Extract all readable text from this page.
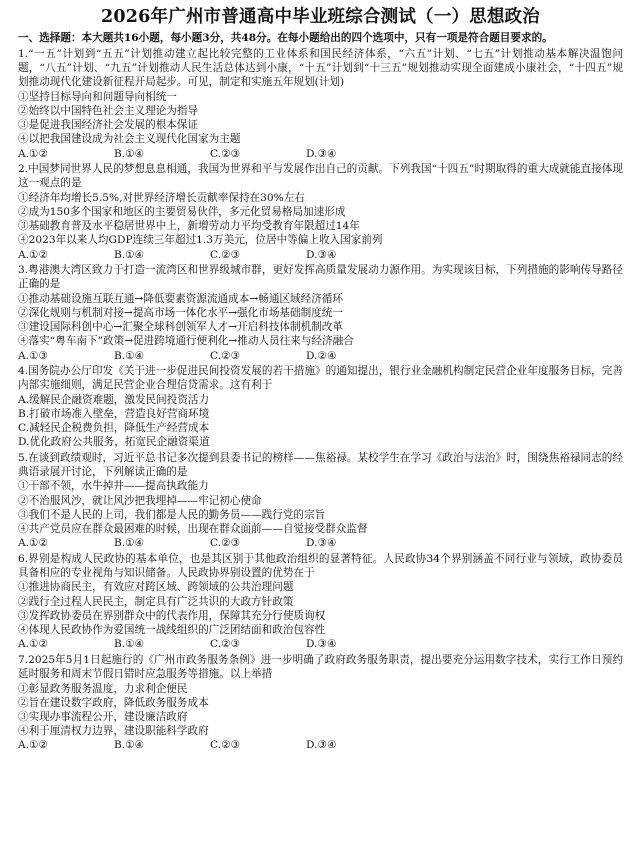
2026年广州市普通高中毕业班综合测试（一）思想政治
一、选择题：本大题共16小题，每小题3分，共48分。在每小题给出的四个选项中，只有一项是符合题目要求的。
1.“一五”计划到“五五”计划推动建立起比较完整的工业体系和国民经济体系，“六五”计划、“七五”计划推动基本解决温饱问题，“八五”计划、“九五”计划推动人民生活总体达到小康，“十五”计划到“十三五”规划推动实现全面建成小康社会，“十四五”规划推动现代化建设新征程开局起步。可见，制定和实施五年规划(计划)
①坚持目标导向和问题导向相统一
②始终以中国特色社会主义理论为指导
③是促进我国经济社会发展的根本保证
④以把我国建设成为社会主义现代化国家为主题
A.①②	B.①④	C.②③	D.③④
2.中国梦同世界人民的梦想息息相通，我国为世界和平与发展作出自己的贡献。下列我国“十四五”时期取得的重大成就能直接体现这一观点的是
①经济年均增长5.5%,对世界经济增长贡献率保持在30%左右
②成为150多个国家和地区的主要贸易伙伴，多元化贸易格局加速形成
③基础教育普及水平稳居世界中上，新增劳动力平均受教育年限超过14年
④2023年以来人均GDP连续三年超过1.3万美元，位居中等偏上收入国家前列
A.①②	B.①④	C.②③	D.③④
3.粤港澳大湾区致力于打造一流湾区和世界级城市群，更好发挥高质量发展动力源作用。为实现该目标，下列措施的影响传导路径正确的是
①推动基础设施互联互通→降低要素资源流通成本→畅通区域经济循环
②深化规则与机制对接→提高市场一体化水平→强化市场基础制度统一
③建设国际科创中心→汇聚全球科创领军人才→开启科技体制机制改革
④落实“粤车南下”政策→促进跨境通行便利化→推动人员往来与经济融合
A.①③	B.①④	C.②③	D.②④
4.国务院办公厅印发《关于进一步促进民间投资发展的若干措施》的通知提出，银行业金融机构制定民营企业年度服务目标，完善内部实施细则，满足民营企业合理信贷需求。这有利于
A.缓解民企融资难题，激发民间投资活力
B.打破市场准入壁垒，营造良好营商环境
C.减轻民企税费负担，降低生产经营成本
D.优化政府公共服务，拓宽民企融资渠道
5.在谈到政绩观时，习近平总书记多次提到县委书记的榜样——焦裕禄。某校学生在学习《政治与法治》时，围绕焦裕禄同志的经典语录展开讨论，下列解读正确的是
①干部不领，水牛掉井——提高执政能力
②不治服风沙，就让风沙把我埋掉——牢记初心使命
③我们不是人民的上司，我们都是人民的勤务员——践行党的宗旨
④共产党员应在群众最困难的时候，出现在群众面前——自觉接受群众监督
A.①②	B.①④	C.②③	D.③④
6.界别是构成人民政协的基本单位，也是其区别于其他政治组织的显著特征。人民政协34个界别涵盖不同行业与领域，政协委员具备相应的专业视角与知识储备。人民政协界别设置的优势在于
①推进协商民主，有效应对跨区域、跨领域的公共治理问题
②践行全过程人民民主，制定具有广泛共识的大政方针政策
③发挥政协委员在界别群众中的代表作用，保障其充分行使质询权
④体现人民政协作为爱国统一战线组织的广泛团结面和政治包容性
A.①②	B.①④	C.②③	D.③④
7.2025年5月1日起施行的《广州市政务服务条例》进一步明确了政府政务服务职责，提出要充分运用数字技术，实行工作日预约延时服务和周末节假日错时应急服务等措施。以上举措
①彰显政务服务温度，力求利企便民
②旨在建设数字政府，降低政务服务成本
③实现办事流程公开，建设廉洁政府
④利于厘清权力边界，建设职能科学政府
A.①②	B.①④	C.②③	D.③④
